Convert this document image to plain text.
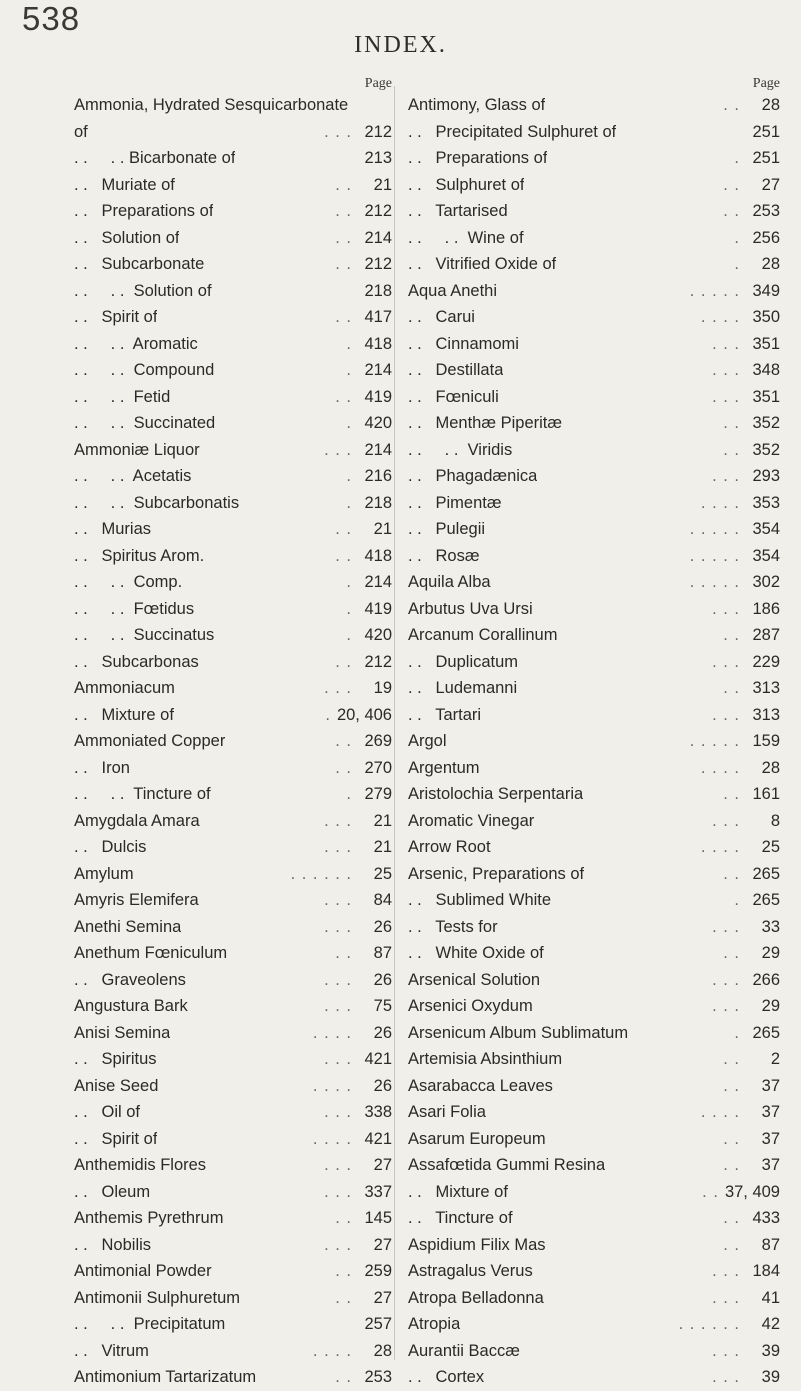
538
INDEX.
Page
Ammonia, Hydrated Sesquicarbonate
of	. . . 212
. .     . . Bicarbonate of	213
. .   Muriate of	. .	21
. .   Preparations of	. . 212
. .   Solution of	. . 214
. .   Subcarbonate	. . 212
. .     . .  Solution of	218
. .   Spirit of	. . 417
. .     . .  Aromatic	. 418
. .     . .  Compound	. 214
. .     . .  Fetid	. . 419
. .     . .  Succinated	. 420
Ammoniæ Liquor	. . . 214
. .     . .  Acetatis	. 216
. .     . .  Subcarbonatis	. 218
. .   Murias	. .	21
. .   Spiritus Arom.	. . 418
. .     . .  Comp.	. 214
. .     . .  Fœtidus	. 419
. .     . .  Succinatus	. 420
. .   Subcarbonas	. . 212
Ammoniacum	. . .	19
. .   Mixture of	. 20, 406
Ammoniated Copper	. . 269
. .   Iron	. . 270
. .     . .  Tincture of	. 279
Amygdala Amara	. . .	21
. .   Dulcis	. . .	21
Amylum	. . . . . .	25
Amyris Elemifera	. . .	84
Anethi Semina	. . .	26
Anethum Fœniculum	. .	87
. .   Graveolens	. . .	26
Angustura Bark	. . .	75
Anisi Semina	. . . .	26
. .   Spiritus	. . . 421
Anise Seed	. . . .	26
. .   Oil of	. . . 338
. .   Spirit of	. . . . 421
Anthemidis Flores	. . .	27
. .   Oleum	. . . 337
Anthemis Pyrethrum	. . 145
. .   Nobilis	. . .	27
Antimonial Powder	. . 259
Antimonii Sulphuretum	. .	27
. .     . .  Precipitatum	257
. .   Vitrum	. . . .	28
Antimonium Tartarizatum	. . 253
Page
Antimony, Glass of	. .	28
. .   Precipitated Sulphuret of	251
. .   Preparations of	. 251
. .   Sulphuret of	. .	27
. .   Tartarised	. . 253
. .     . .  Wine of	. 256
. .   Vitrified Oxide of	.	28
Aqua Anethi	. . . . . 349
. .   Carui	. . . . 350
. .   Cinnamomi	. . . 351
. .   Destillata	. . . 348
. .   Fœniculi	. . . 351
. .   Menthæ Piperitæ	. . 352
. .     . .  Viridis	. . 352
. .   Phagadænica	. . . 293
. .   Pimentæ	. . . . 353
. .   Pulegii	. . . . . 354
. .   Rosæ	. . . . . 354
Aquila Alba	. . . . . 302
Arbutus Uva Ursi	. . . 186
Arcanum Corallinum	. . 287
. .   Duplicatum	. . . 229
. .   Ludemanni	. . 313
. .   Tartari	. . . 313
Argol	. . . . . 159
Argentum	. . . .	28
Aristolochia Serpentaria	. . 161
Aromatic Vinegar	. . .	8
Arrow Root	. . . .	25
Arsenic, Preparations of	. . 265
. .   Sublimed White	. 265
. .   Tests for	. . .	33
. .   White Oxide of	. .	29
Arsenical Solution	. . . 266
Arsenici Oxydum	. . .	29
Arsenicum Album Sublimatum	. 265
Artemisia Absinthium	. .	2
Asarabacca Leaves	. .	37
Asari Folia	. . . .	37
Asarum Europeum	. .	37
Assafœtida Gummi Resina	. .	37
. .   Mixture of	. . 37, 409
. .   Tincture of	. . 433
Aspidium Filix Mas	. .	87
Astragalus Verus	. . . 184
Atropa Belladonna	. . .	41
Atropia	. . . . . .	42
Aurantii Baccæ	. . .	39
. .   Cortex	. . .	39
